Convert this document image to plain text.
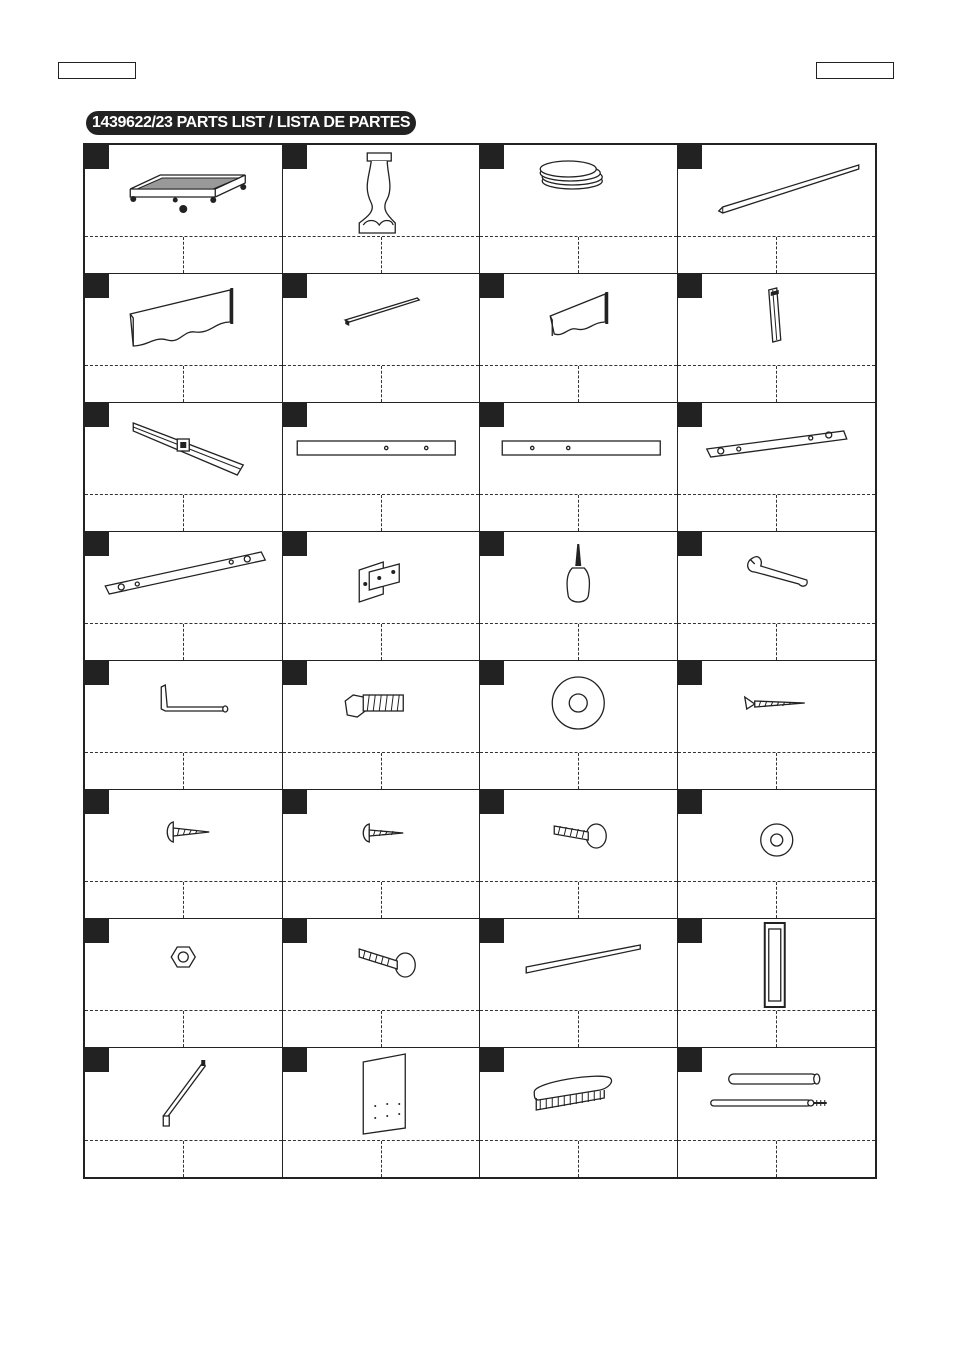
1439622/23 PARTS LIST / LISTA DE PARTES
